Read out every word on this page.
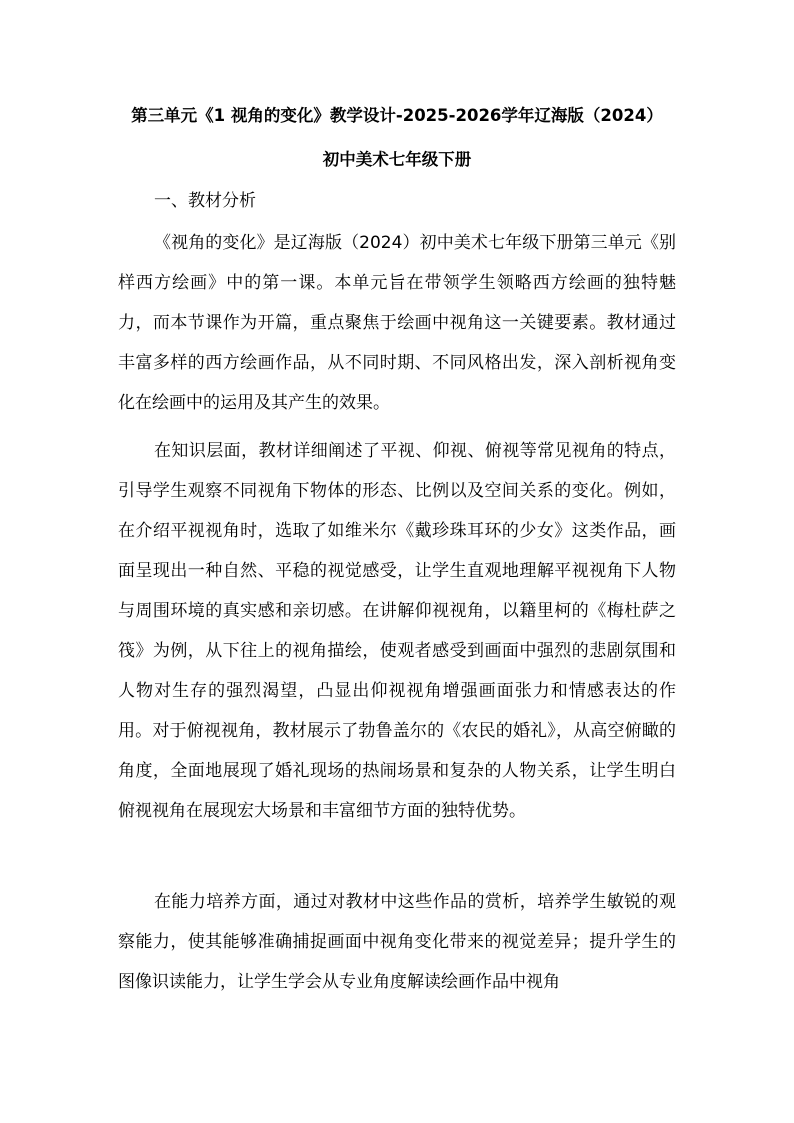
第三单元《1 视角的变化》教学设计-2025-2026学年辽海版（2024）
初中美术七年级下册
一、教材分析

《视角的变化》是辽海版（2024）初中美术七年级下册第三单元《别样西方绘画》中的第一课。本单元旨在带领学生领略西方绘画的独特魅力，而本节课作为开篇，重点聚焦于绘画中视角这一关键要素。教材通过丰富多样的西方绘画作品，从不同时期、不同风格出发，深入剖析视角变化在绘画中的运用及其产生的效果。

在知识层面，教材详细阐述了平视、仰视、俯视等常见视角的特点，引导学生观察不同视角下物体的形态、比例以及空间关系的变化。例如，在介绍平视视角时，选取了如维米尔《戴珍珠耳环的少女》这类作品，画面呈现出一种自然、平稳的视觉感受，让学生直观地理解平视视角下人物与周围环境的真实感和亲切感。在讲解仰视视角，以籍里柯的《梅杜萨之筏》为例，从下往上的视角描绘，使观者感受到画面中强烈的悲剧氛围和人物对生存的强烈渴望，凸显出仰视视角增强画面张力和情感表达的作用。对于俯视视角，教材展示了勃鲁盖尔的《农民的婚礼》，从高空俯瞰的角度，全面地展现了婚礼现场的热闹场景和复杂的人物关系，让学生明白俯视视角在展现宏大场景和丰富细节方面的独特优势。

在能力培养方面，通过对教材中这些作品的赏析，培养学生敏锐的观察能力，使其能够准确捕捉画面中视角变化带来的视觉差异；提升学生的图像识读能力，让学生学会从专业角度解读绘画作品中视角
